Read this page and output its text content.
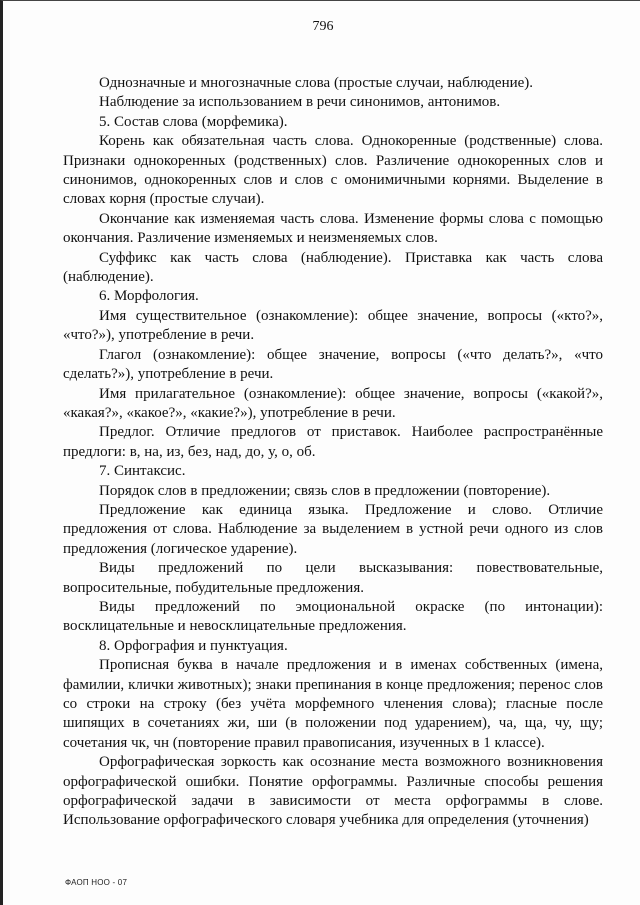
796

Однозначные и многозначные слова (простые случаи, наблюдение).

Наблюдение за использованием в речи синонимов, антонимов.

5. Состав слова (морфемика).

Корень как обязательная часть слова. Однокоренные (родственные) слова. Признаки однокоренных (родственных) слов. Различение однокоренных слов и синонимов, однокоренных слов и слов с омонимичными корнями. Выделение в словах корня (простые случаи).

Окончание как изменяемая часть слова. Изменение формы слова с помощью окончания. Различение изменяемых и неизменяемых слов.

Суффикс как часть слова (наблюдение). Приставка как часть слова (наблюдение).

6. Морфология.

Имя существительное (ознакомление): общее значение, вопросы («кто?», «что?»), употребление в речи.

Глагол (ознакомление): общее значение, вопросы («что делать?», «что сделать?»), употребление в речи.

Имя прилагательное (ознакомление): общее значение, вопросы («какой?», «какая?», «какое?», «какие?»), употребление в речи.

Предлог. Отличие предлогов от приставок. Наиболее распространённые предлоги: в, на, из, без, над, до, у, о, об.

7. Синтаксис.

Порядок слов в предложении; связь слов в предложении (повторение).

Предложение как единица языка. Предложение и слово. Отличие предложения от слова. Наблюдение за выделением в устной речи одного из слов предложения (логическое ударение).

Виды предложений по цели высказывания: повествовательные, вопросительные, побудительные предложения.

Виды предложений по эмоциональной окраске (по интонации): восклицательные и невосклицательные предложения.

8. Орфография и пунктуация.

Прописная буква в начале предложения и в именах собственных (имена, фамилии, клички животных); знаки препинания в конце предложения; перенос слов со строки на строку (без учёта морфемного членения слова); гласные после шипящих в сочетаниях жи, ши (в положении под ударением), ча, ща, чу, щу; сочетания чк, чн (повторение правил правописания, изученных в 1 классе).

Орфографическая зоркость как осознание места возможного возникновения орфографической ошибки. Понятие орфограммы. Различные способы решения орфографической задачи в зависимости от места орфограммы в слове. Использование орфографического словаря учебника для определения (уточнения)

ФАОП НОО - 07
